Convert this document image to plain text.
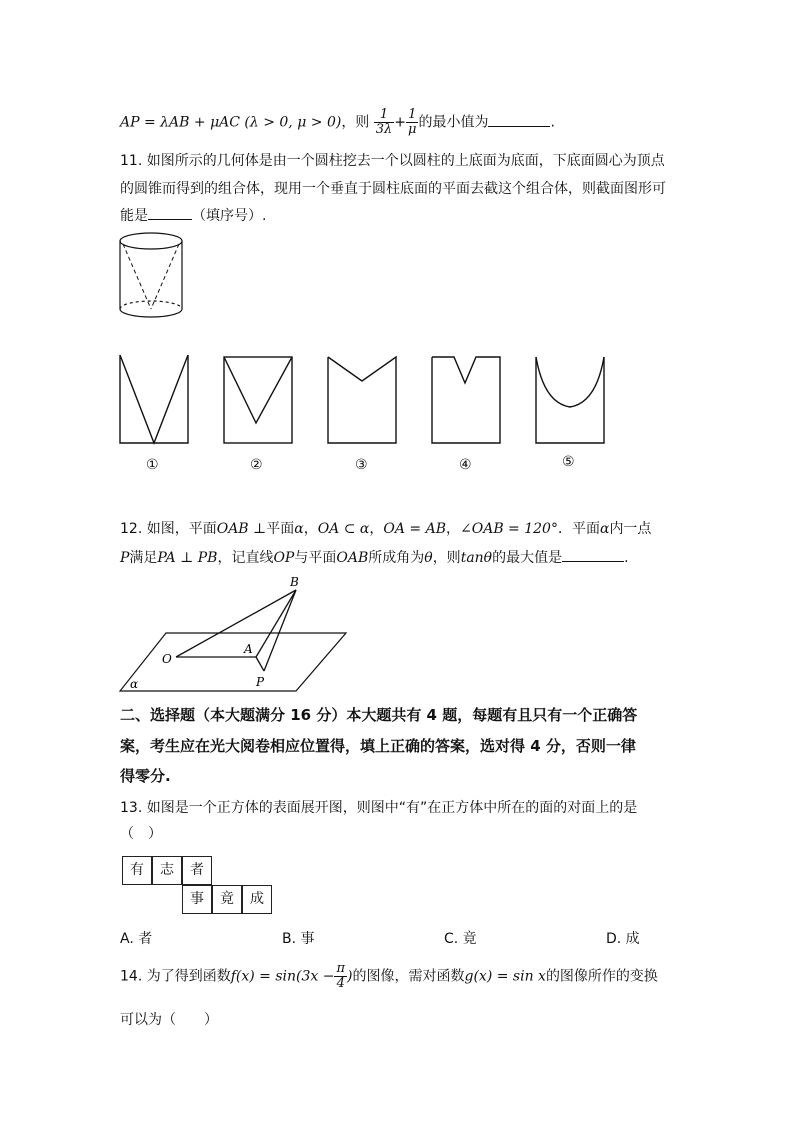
AP = λAB + μAC (λ > 0, μ > 0)，则 $\frac{1}{3\lambda} + \frac{1}{\mu}$ 的最小值为	.
11. 如图所示的几何体是由一个圆柱挖去一个以圆柱的上底面为底面，下底面圆心为顶点
的圆锥而得到的组合体，现用一个垂直于圆柱底面的平面去截这个组合体，则截面图形可
能是	（填序号）.
①	②	③	④	⑤
12. 如图，平面OAB ⊥平面α，OA ⊂ α，OA = AB，∠OAB = 120°．平面α内一点
P满足PA ⊥ PB，记直线OP与平面OAB所成角为θ，则tanθ的最大值是	.
B
O
A
P
α
二、选择题（本大题满分 16 分）本大题共有 4 题，每题有且只有一个正确答
案，考生应在光大阅卷相应位置得，填上正确的答案，选对得 4 分，否则一律
得零分.
13. 如图是一个正方体的表面展开图，则图中“有”在正方体中所在的面的对面上的是
（　）
有	志	者
事	竟	成
A. 者	B. 事	C. 竟	D. 成
14. 为了得到函数$f(x) = \sin(3x - \frac{\pi}{4}$ )的图像，需对函数g(x) = sin x的图像所作的变换
可以为（　　）
